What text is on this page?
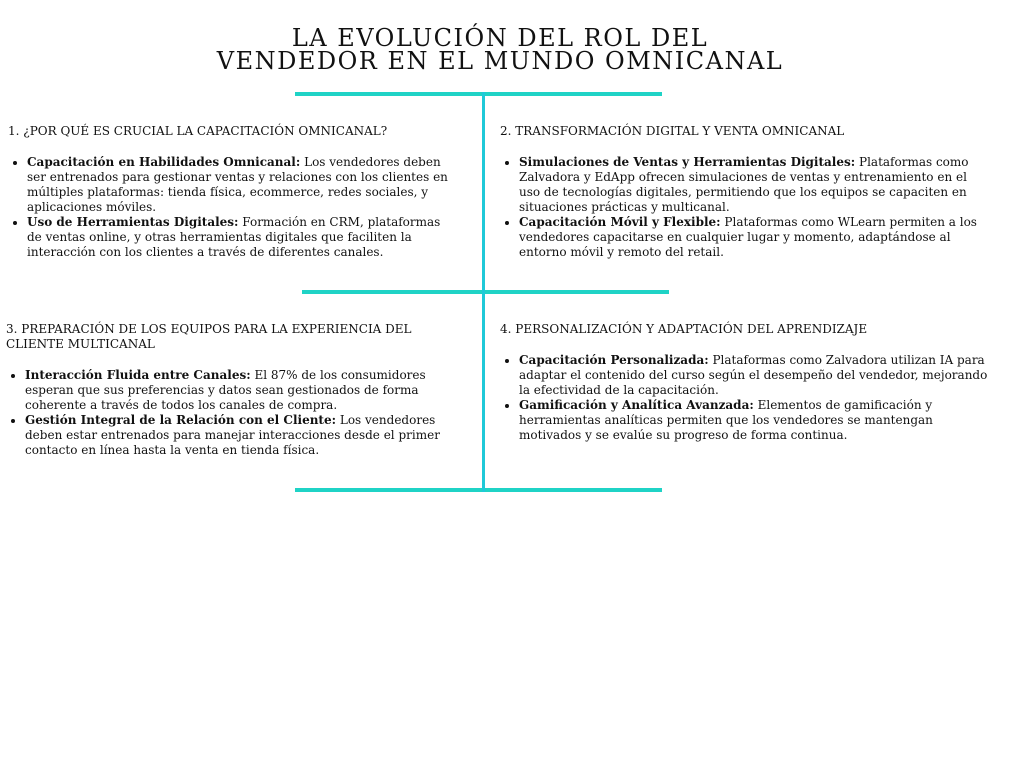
LA EVOLUCIÓN DEL ROL DEL
VENDEDOR EN EL MUNDO OMNICANAL
1. ¿POR QUÉ ES CRUCIAL LA CAPACITACIÓN OMNICANAL?
• Capacitación en Habilidades Omnicanal: Los vendedores deben ser entrenados para gestionar ventas y relaciones con los clientes en múltiples plataformas: tienda física, ecommerce, redes sociales, y aplicaciones móviles.
• Uso de Herramientas Digitales: Formación en CRM, plataformas de ventas online, y otras herramientas digitales que faciliten la interacción con los clientes a través de diferentes canales.
2. TRANSFORMACIÓN DIGITAL Y VENTA OMNICANAL
• Simulaciones de Ventas y Herramientas Digitales: Plataformas como Zalvadora y EdApp ofrecen simulaciones de ventas y entrenamiento en el uso de tecnologías digitales, permitiendo que los equipos se capaciten en situaciones prácticas y multicanal.
• Capacitación Móvil y Flexible: Plataformas como WLearn permiten a los vendedores capacitarse en cualquier lugar y momento, adaptándose al entorno móvil y remoto del retail.
3. PREPARACIÓN DE LOS EQUIPOS PARA LA EXPERIENCIA DEL CLIENTE MULTICANAL
• Interacción Fluida entre Canales: El 87% de los consumidores esperan que sus preferencias y datos sean gestionados de forma coherente a través de todos los canales de compra.
• Gestión Integral de la Relación con el Cliente: Los vendedores deben estar entrenados para manejar interacciones desde el primer contacto en línea hasta la venta en tienda física.
4. PERSONALIZACIÓN Y ADAPTACIÓN DEL APRENDIZAJE
• Capacitación Personalizada: Plataformas como Zalvadora utilizan IA para adaptar el contenido del curso según el desempeño del vendedor, mejorando la efectividad de la capacitación.
• Gamificación y Analítica Avanzada: Elementos de gamificación y herramientas analíticas permiten que los vendedores se mantengan motivados y se evalúe su progreso de forma continua.
